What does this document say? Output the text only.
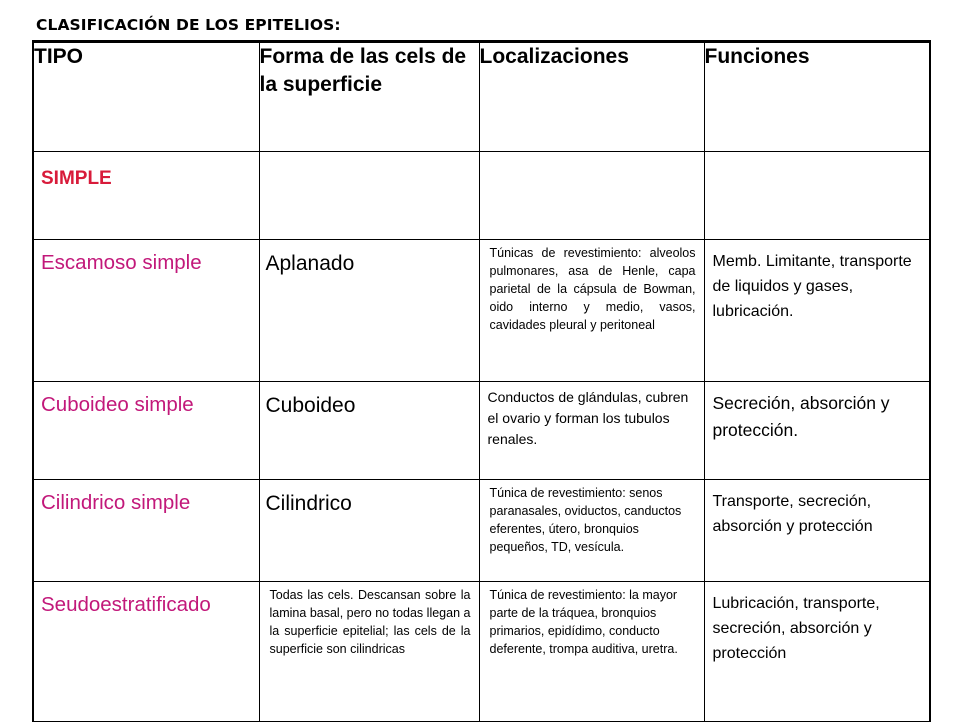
CLASIFICACIÓN DE LOS EPITELIOS:
TIPO	Forma de las cels de la superficie	Localizaciones	Funciones
SIMPLE			
Escamoso simple	Aplanado	Túnicas de revestimiento: alveolos pulmonares, asa de Henle, capa parietal de la cápsula de Bowman, oido interno y medio, vasos, cavidades pleural y peritoneal	Memb. Limitante, transporte de liquidos y gases, lubricación.
Cuboideo simple	Cuboideo	Conductos de glándulas, cubren el ovario y forman los tubulos renales.	Secreción, absorción y protección.
Cilindrico simple	Cilindrico	Túnica de revestimiento: senos paranasales, oviductos, canductos eferentes, útero, bronquios pequeños, TD, vesícula.	Transporte, secreción, absorción y protección
Seudoestratificado	Todas las cels. Descansan sobre la lamina basal, pero no todas llegan a la superficie epitelial; las cels de la superficie son cilindricas	Túnica de revestimiento: la mayor parte de la tráquea, bronquios primarios, epidídimo, conducto deferente, trompa auditiva, uretra.	Lubricación, transporte, secreción, absorción y protección
